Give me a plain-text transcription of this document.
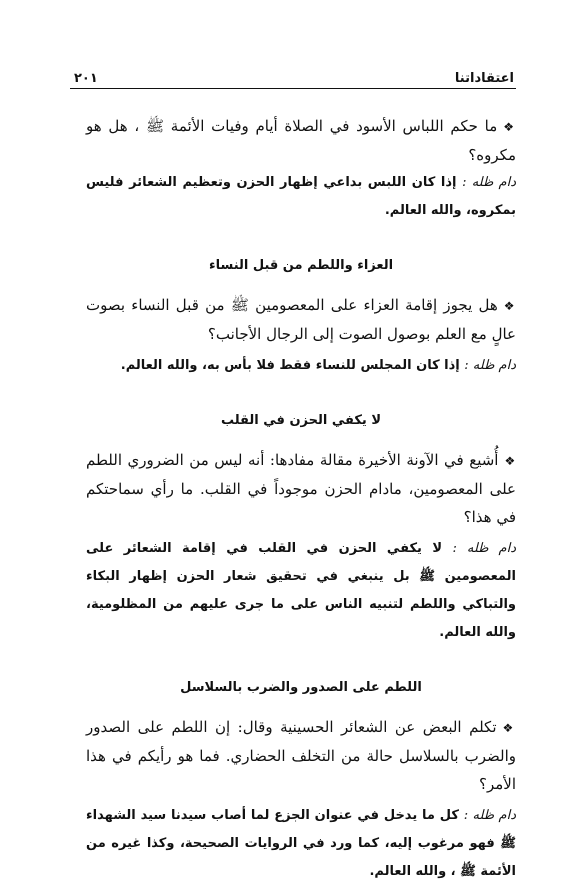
اعتقاداتنا
٢٠١

❖ما حكم اللباس الأسود في الصلاة أيام وفيات الأئمة ﷺ ، هل هو مكروه؟

دام ظله : إذا كان اللبس بداعي إظهار الحزن وتعظيم الشعائر فليس بمكروه، والله العالم.

العزاء واللطم من قبل النساء

❖هل يجوز إقامة العزاء على المعصومين ﷺ من قبل النساء بصوت عالٍ مع العلم بوصول الصوت إلى الرجال الأجانب؟

دام ظله : إذا كان المجلس للنساء فقط فلا بأس به، والله العالم.

لا يكفي الحزن في القلب

❖أُشيع في الآونة الأخيرة مقالة مفادها: أنه ليس من الضروري اللطم على المعصومين، مادام الحزن موجوداً في القلب. ما رأي سماحتكم في هذا؟

دام ظله : لا يكفي الحزن في القلب في إقامة الشعائر على المعصومين ﷺ بل ينبغي في تحقيق شعار الحزن إظهار البكاء والتباكي واللطم لتنبيه الناس على ما جرى عليهم من المظلومية، والله العالم.

اللطم على الصدور والضرب بالسلاسل

❖تكلم البعض عن الشعائر الحسينية وقال: إن اللطم على الصدور والضرب بالسلاسل حالة من التخلف الحضاري. فما هو رأيكم في هذا الأمر؟

دام ظله : كل ما يدخل في عنوان الجزع لما أصاب سيدنا سيد الشهداء ﷺ فهو مرغوب إليه، كما ورد في الروايات الصحيحة، وكذا غيره من الأئمة ﷺ ، والله العالم.
